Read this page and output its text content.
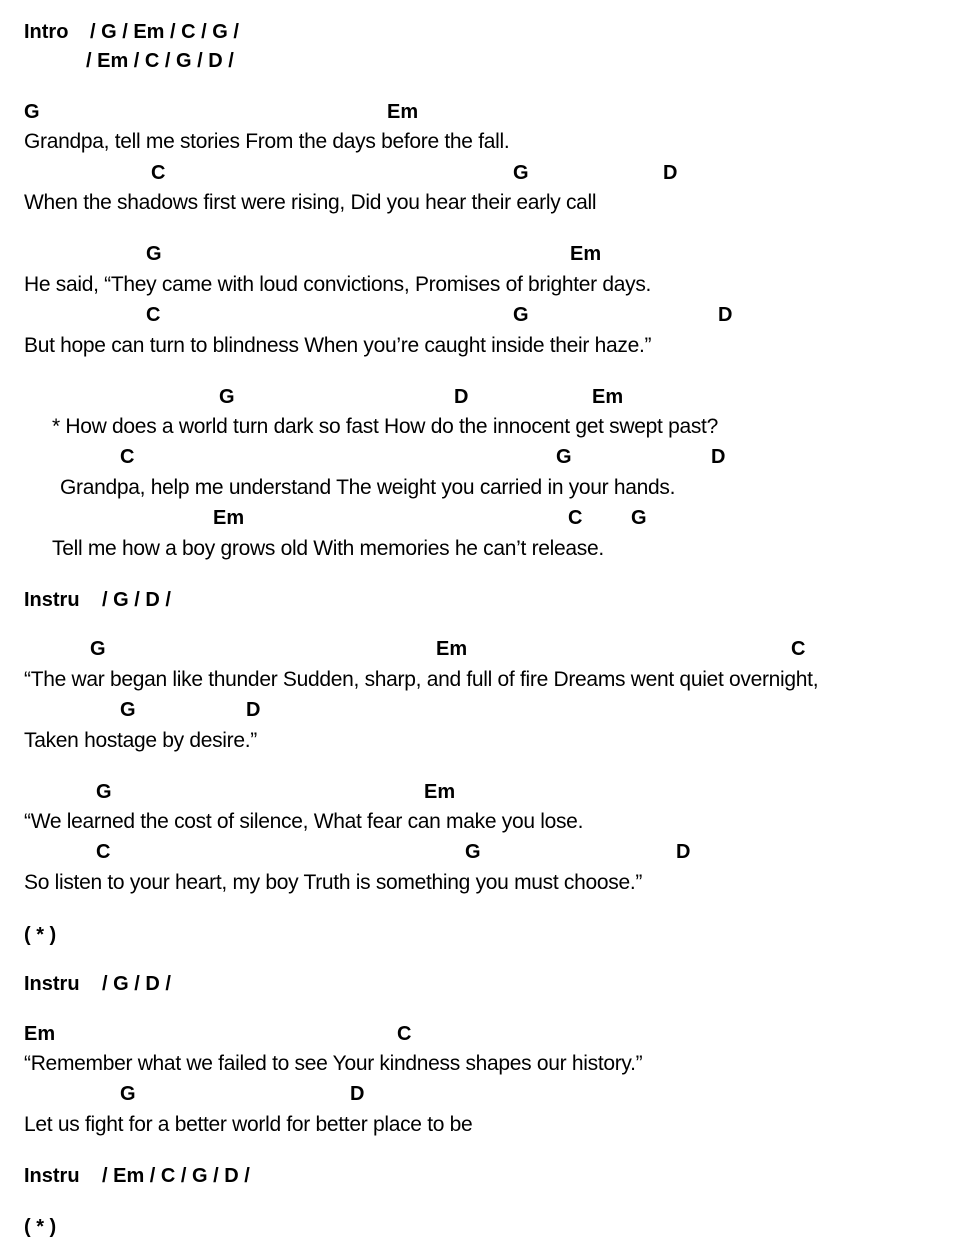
Intro / G / Em / C / G /
/ Em / C / G / D /
G	Em
Grandpa, tell me stories From the days before the fall.
C	G	D
When the shadows first were rising, Did you hear their early call
G	Em
He said, “They came with loud convictions, Promises of brighter days.
C	G	D
But hope can turn to blindness When you’re caught inside their haze.”
G	D	Em
* How does a world turn dark so fast How do the innocent get swept past?
C	G	D
Grandpa, help me understand The weight you carried in your hands.
Em	C G
Tell me how a boy grows old With memories he can’t release.
Instru / G / D /
G	Em	C
“The war began like thunder Sudden, sharp, and full of fire Dreams went quiet overnight,
G	D
Taken hostage by desire.”
G	Em
“We learned the cost of silence, What fear can make you lose.
C	G	D
So listen to your heart, my boy Truth is something you must choose.”
( * )
Instru / G / D /
Em	C
“Remember what we failed to see Your kindness shapes our history.”
G	D
Let us fight for a better world for better place to be
Instru / Em / C / G / D /
( * )
